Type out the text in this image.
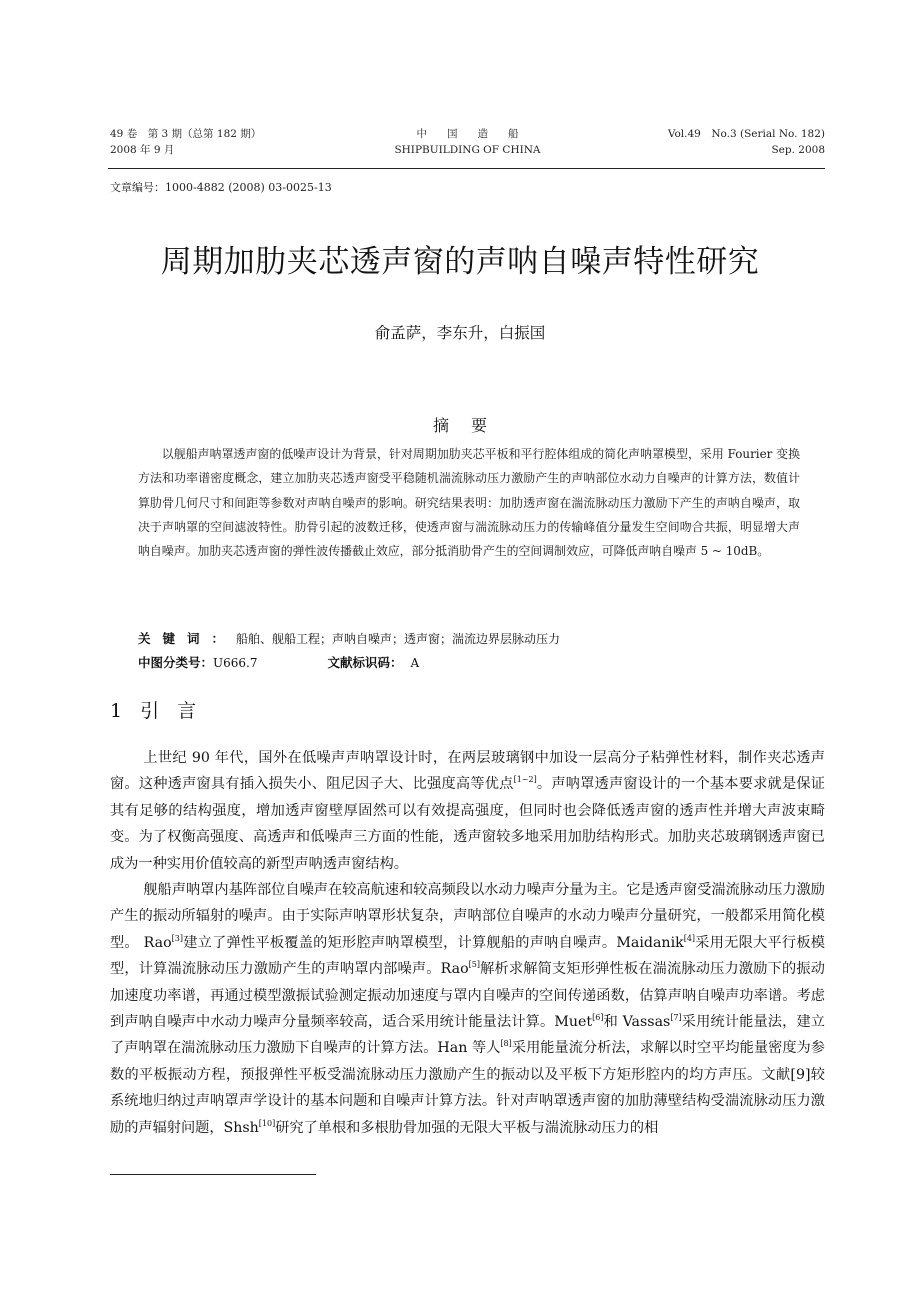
49 卷　第 3 期（总第 182 期）
2008 年 9 月
中国造船
SHIPBUILDING OF CHINA
Vol.49　No.3 (Serial No. 182)
Sep. 2008
文章编号：1000-4882 (2008) 03-0025-13
周期加肋夹芯透声窗的声呐自噪声特性研究
俞孟萨，李东升，白振国
摘要

以舰船声呐罩透声窗的低噪声设计为背景，针对周期加肋夹芯平板和平行腔体组成的简化声呐罩模型，采用 Fourier 变换方法和功率谱密度概念，建立加肋夹芯透声窗受平稳随机湍流脉动压力激励产生的声呐部位水动力自噪声的计算方法，数值计算肋骨几何尺寸和间距等参数对声呐自噪声的影响。研究结果表明：加肋透声窗在湍流脉动压力激励下产生的声呐自噪声，取决于声呐罩的空间滤波特性。肋骨引起的波数迁移，使透声窗与湍流脉动压力的传输峰值分量发生空间吻合共振，明显增大声呐自噪声。加肋夹芯透声窗的弹性波传播截止效应，部分抵消肋骨产生的空间调制效应，可降低声呐自噪声 5 ~ 10dB。

关键词：船舶、舰船工程；声呐自噪声；透声窗；湍流边界层脉动压力
中图分类号：U666.7	文献标识码： A
1 引言

上世纪 90 年代，国外在低噪声声呐罩设计时，在两层玻璃钢中加设一层高分子粘弹性材料，制作夹芯透声窗。这种透声窗具有插入损失小、阻尼因子大、比强度高等优点[1~2]。声呐罩透声窗设计的一个基本要求就是保证其有足够的结构强度，增加透声窗壁厚固然可以有效提高强度，但同时也会降低透声窗的透声性并增大声波束畸变。为了权衡高强度、高透声和低噪声三方面的性能，透声窗较多地采用加肋结构形式。加肋夹芯玻璃钢透声窗已成为一种实用价值较高的新型声呐透声窗结构。

舰船声呐罩内基阵部位自噪声在较高航速和较高频段以水动力噪声分量为主。它是透声窗受湍流脉动压力激励产生的振动所辐射的噪声。由于实际声呐罩形状复杂，声呐部位自噪声的水动力噪声分量研究，一般都采用简化模型。 Rao[3]建立了弹性平板覆盖的矩形腔声呐罩模型，计算舰船的声呐自噪声。Maidanik[4]采用无限大平行板模型，计算湍流脉动压力激励产生的声呐罩内部噪声。Rao[5]解析求解简支矩形弹性板在湍流脉动压力激励下的振动加速度功率谱，再通过模型激振试验测定振动加速度与罩内自噪声的空间传递函数，估算声呐自噪声功率谱。考虑到声呐自噪声中水动力噪声分量频率较高，适合采用统计能量法计算。Muet[6]和 Vassas[7]采用统计能量法，建立了声呐罩在湍流脉动压力激励下自噪声的计算方法。Han 等人[8]采用能量流分析法，求解以时空平均能量密度为参数的平板振动方程，预报弹性平板受湍流脉动压力激励产生的振动以及平板下方矩形腔内的均方声压。文献[9]较系统地归纳过声呐罩声学设计的基本问题和自噪声计算方法。针对声呐罩透声窗的加肋薄壁结构受湍流脉动压力激励的声辐射问题，Shsh[10]研究了单根和多根肋骨加强的无限大平板与湍流脉动压力的相
